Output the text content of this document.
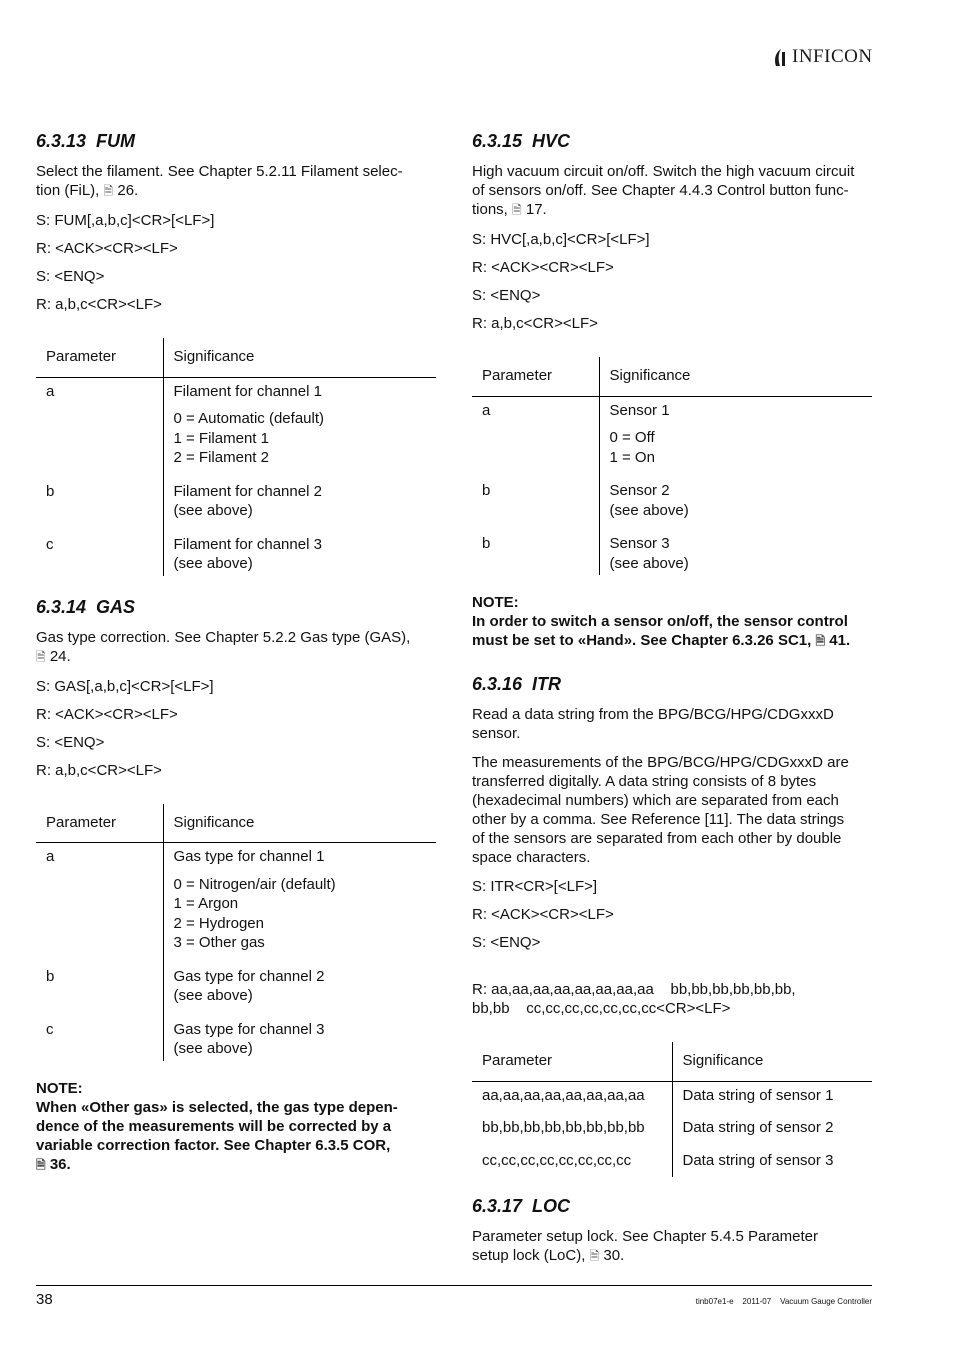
INFICON
6.3.13 FUM

Select the filament. See Chapter 5.2.11 Filament selec-
tion (FiL), 🗎 26.

S: FUM[,a,b,c]<CR>[<LF>]

R: <ACK><CR><LF>

S: <ENQ>

R: a,b,c<CR><LF>

Parameter	Significance
a	Filament for channel 1
0 = Automatic (default)
1 = Filament 1
2 = Filament 2

b	Filament for channel 2
(see above)

c	Filament for channel 3
(see above)
6.3.14 GAS

Gas type correction. See Chapter 5.2.2 Gas type (GAS),
🗎 24.

S: GAS[,a,b,c]<CR>[<LF>]

R: <ACK><CR><LF>

S: <ENQ>

R: a,b,c<CR><LF>

Parameter	Significance
a	Gas type for channel 1
0 = Nitrogen/air (default)
1 = Argon
2 = Hydrogen
3 = Other gas

b	Gas type for channel 2
(see above)

c	Gas type for channel 3
(see above)

NOTE:

When «Other gas» is selected, the gas type depen-
dence of the measurements will be corrected by a
variable correction factor. See Chapter 6.3.5 COR,
🗎 36.

6.3.15 HVC

High vacuum circuit on/off. Switch the high vacuum circuit
of sensors on/off. See Chapter 4.4.3 Control button func-
tions, 🗎 17.

S: HVC[,a,b,c]<CR>[<LF>]

R: <ACK><CR><LF>

S: <ENQ>

R: a,b,c<CR><LF>

Parameter	Significance
a	Sensor 1
0 = Off
1 = On

b	Sensor 2
(see above)

b	Sensor 3
(see above)

NOTE:

In order to switch a sensor on/off, the sensor control
must be set to «Hand». See Chapter 6.3.26 SC1, 🗎 41.

6.3.16 ITR

Read a data string from the BPG/BCG/HPG/CDGxxxD
sensor.

The measurements of the BPG/BCG/HPG/CDGxxxD are
transferred digitally. A data string consists of 8 bytes
(hexadecimal numbers) which are separated from each
other by a comma. See Reference [11]. The data strings
of the sensors are separated from each other by double
space characters.

S: ITR<CR>[<LF>]

R: <ACK><CR><LF>

S: <ENQ>

R: aa,aa,aa,aa,aa,aa,aa,aa    bb,bb,bb,bb,bb,bb,
bb,bb    cc,cc,cc,cc,cc,cc,cc<CR><LF>

Parameter	Significance
aa,aa,aa,aa,aa,aa,aa,aa	Data string of sensor 1
bb,bb,bb,bb,bb,bb,bb,bb	Data string of sensor 2
cc,cc,cc,cc,cc,cc,cc,cc	Data string of sensor 3
6.3.17 LOC

Parameter setup lock. See Chapter 5.4.5 Parameter
setup lock (LoC), 🗎 30.

38	tinb07e1-e    2011-07    Vacuum Gauge Controller
